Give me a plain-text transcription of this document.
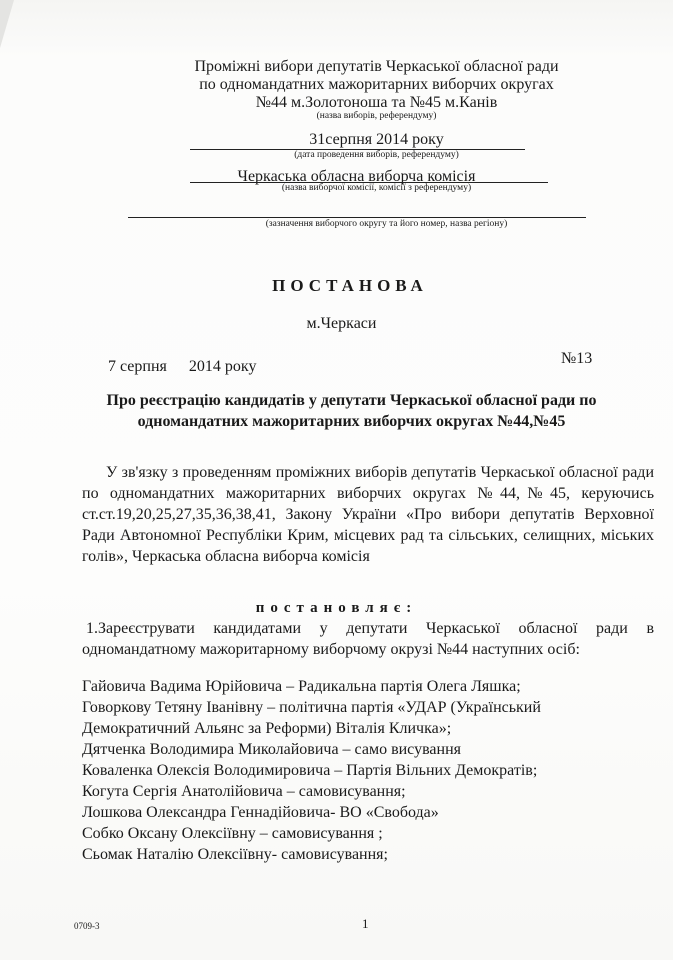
Проміжні вибори депутатів Черкаської обласної ради
по одномандатних мажоритарних виборчих округах
№44 м.Золотоноша та №45 м.Канів
(назва виборів, референдуму)
31серпня 2014 року
(дата проведення виборів, референдуму)
Черкаська обласна виборча комісія
(назва виборчої комісії, комісії з референдуму)
(зазначення виборчого округу та його номер, назва регіону)
ПОСТАНОВА
м.Черкаси
7 серпня 2014 року	№13
Про реєстрацію кандидатів у депутати Черкаської обласної ради по
одномандатних мажоритарних виборчих округах №44,№45

У зв'язку з проведенням проміжних виборів депутатів Черкаської обласної ради по одномандатних мажоритарних виборчих округах №44,№45, керуючись ст.ст.19,20,25,27,35,36,38,41, Закону України «Про вибори депутатів Верховної Ради Автономної Республіки Крим, місцевих рад та сільських, селищних, міських голів», Черкаська обласна виборча комісія

постановляє:

1.Зареєструвати кандидатами у депутати Черкаської обласної ради в одномандатному мажоритарному виборчому окрузі №44 наступних осіб:

Гайовича Вадима Юрійовича – Радикальна партія Олега Ляшка;
Говоркову Тетяну Іванівну – політична партія «УДАР (Український Демократичний Альянс за Реформи) Віталія Кличка»;
Дятченка Володимира Миколайовича – само висування
Коваленка Олексія Володимировича – Партія Вільних Демократів;
Когута Сергія Анатолійовича – самовисування;
Лошкова Олександра Геннадійовича- ВО «Свобода»
Собко Оксану Олексіївну – самовисування ;
Сьомак Наталію Олексіївну- самовисування;
0709-3	1
